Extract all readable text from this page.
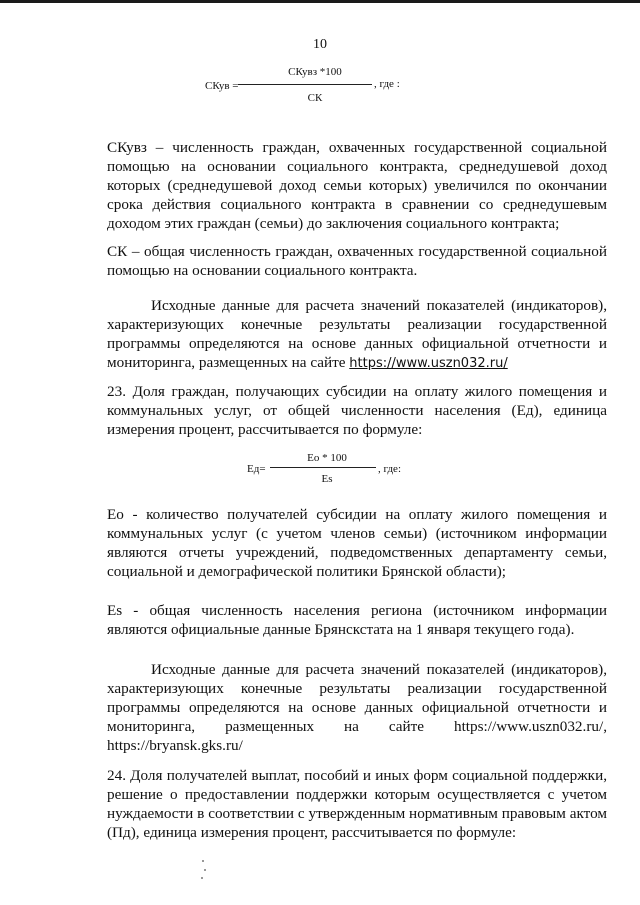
10
СКув =
СКувз *100
СК
, где :

СКувз – численность граждан, охваченных государственной социальной помощью на основании социального контракта, среднедушевой доход которых (среднедушевой доход семьи которых) увеличился по окончании срока действия социального контракта в сравнении со среднедушевым доходом этих граждан (семьи) до заключения социального контракта;

СК – общая численность граждан, охваченных государственной социальной помощью на основании социального контракта.

Исходные данные для расчета значений показателей (индикаторов), характеризующих конечные результаты реализации государственной программы определяются на основе данных официальной отчетности и мониторинга, размещенных на сайте https://www.uszn032.ru/

23. Доля граждан, получающих субсидии на оплату жилого помещения и коммунальных услуг, от общей численности населения (Ед), единица измерения процент, рассчитывается по формуле:

Ед=
Ео * 100
Es
, где:

Ео - количество получателей субсидии на оплату жилого помещения и коммунальных услуг (с учетом членов семьи) (источником информации являются отчеты учреждений, подведомственных департаменту семьи, социальной и демографической политики Брянской области);

Es - общая численность населения региона (источником информации являются официальные данные Брянскстата на 1 января текущего года).

Исходные данные для расчета значений показателей (индикаторов), характеризующих конечные результаты реализации государственной программы определяются на основе данных официальной отчетности и мониторинга, размещенных на сайте https://www.uszn032.ru/, https://bryansk.gks.ru/

24. Доля получателей выплат, пособий и иных форм социальной поддержки, решение о предоставлении поддержки которым осуществляется с учетом нуждаемости в соответствии с утвержденным нормативным правовым актом (Пд), единица измерения процент, рассчитывается по формуле:
